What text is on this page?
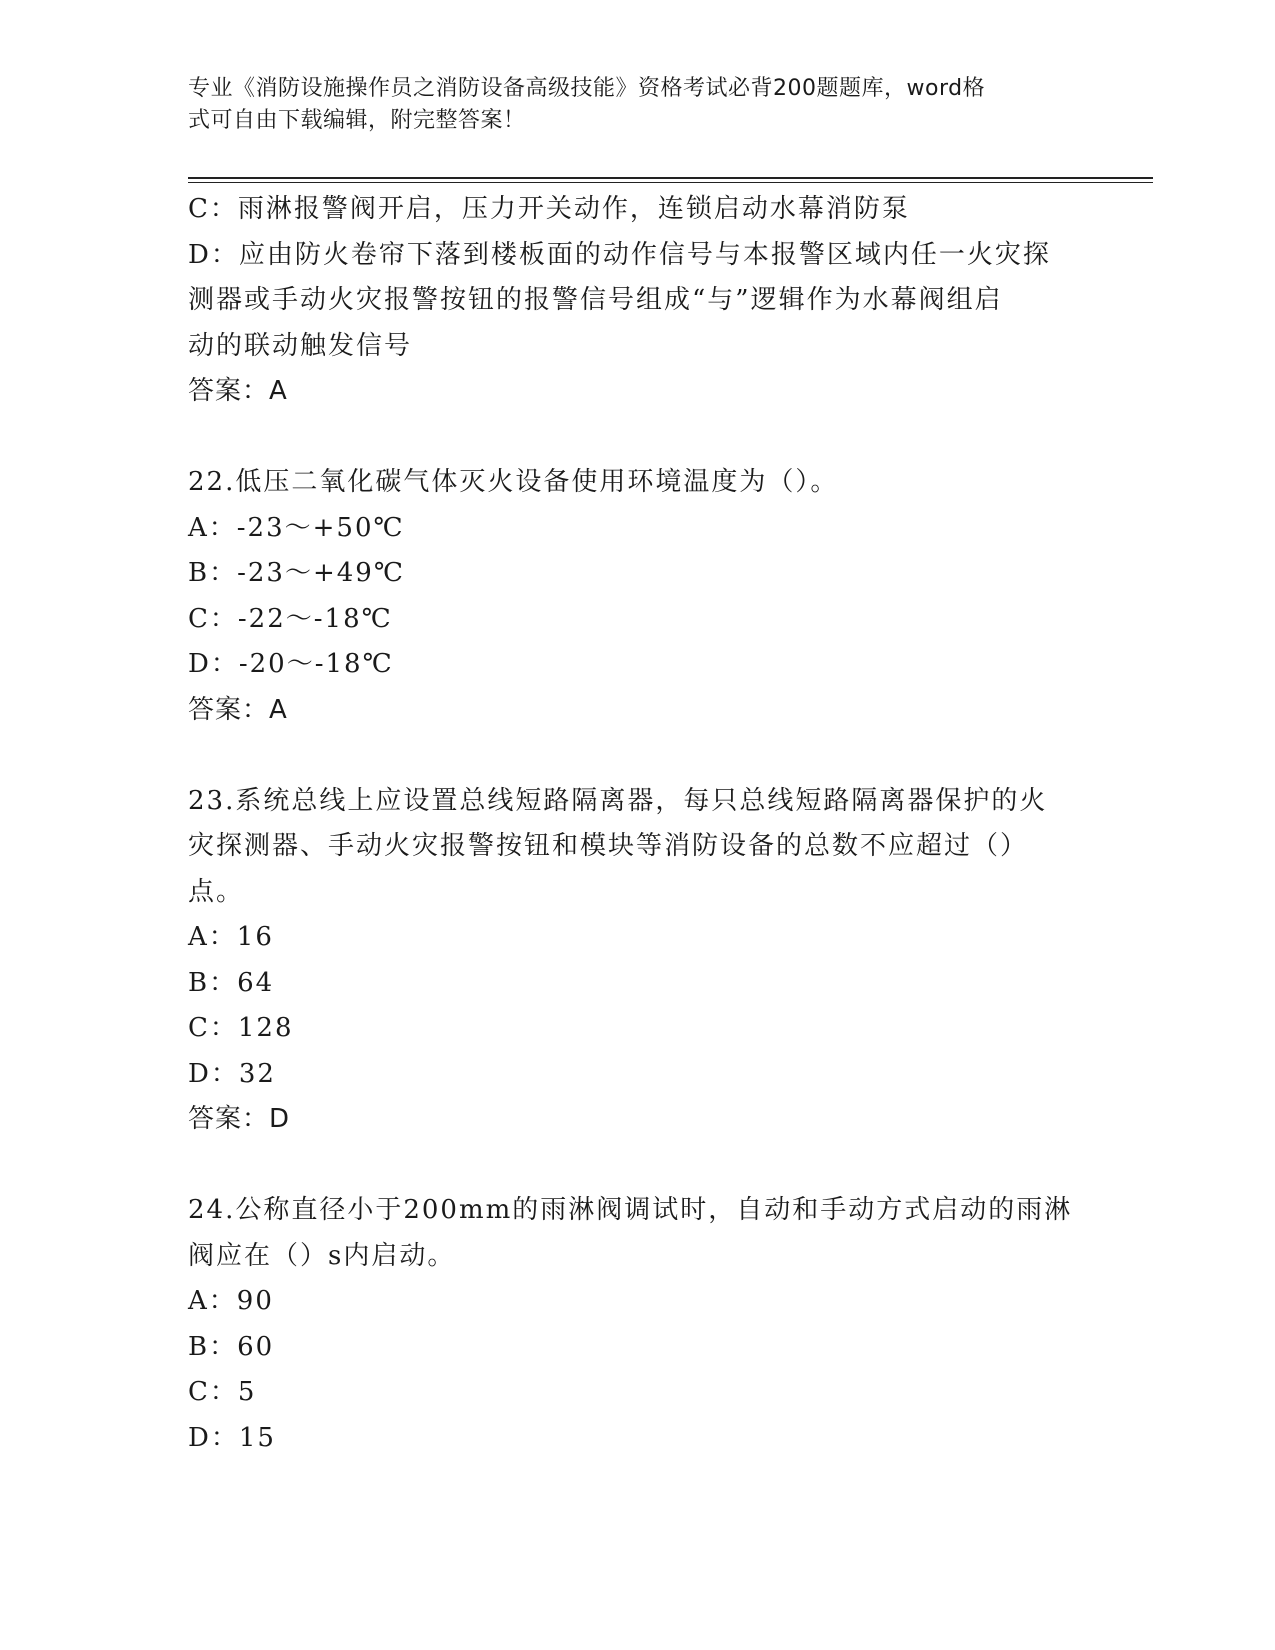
专业《消防设施操作员之消防设备高级技能》资格考试必背200题题库，word格
式可自由下载编辑，附完整答案！
C：雨淋报警阀开启，压力开关动作，连锁启动水幕消防泵
D：应由防火卷帘下落到楼板面的动作信号与本报警区域内任一火灾探
测器或手动火灾报警按钮的报警信号组成“与”逻辑作为水幕阀组启
动的联动触发信号
答案：A
22.低压二氧化碳气体灭火设备使用环境温度为（）。
A：-23～+50℃
B：-23～+49℃
C：-22～-18℃
D：-20～-18℃
答案：A
23.系统总线上应设置总线短路隔离器，每只总线短路隔离器保护的火
灾探测器、手动火灾报警按钮和模块等消防设备的总数不应超过（）
点。
A：16
B：64
C：128
D：32
答案：D
24.公称直径小于200mm的雨淋阀调试时，自动和手动方式启动的雨淋
阀应在（）s内启动。
A：90
B：60
C：5
D：15
